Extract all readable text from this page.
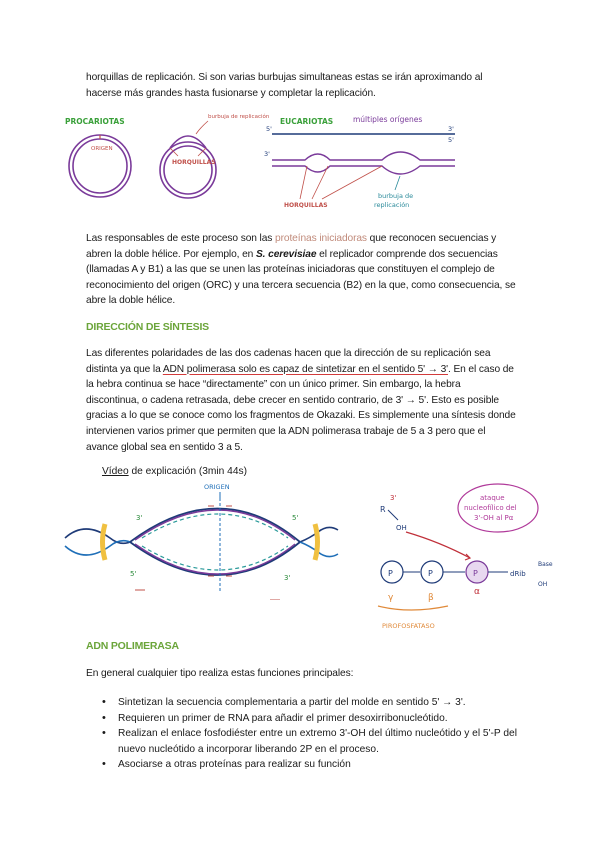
horquillas de replicación. Si son varias burbujas simultaneas estas se irán aproximando al hacerse más grandes hasta fusionarse y completar la replicación.
PROCARIOTAS
ORIGEN
burbuja de replicación
HORQUILLAS
EUCARIOTAS	múltiples orígenes
5'	3'
3'
5'
HORQUILLAS
burbuja de
replicación
Las responsables de este proceso son las proteínas iniciadoras que reconocen secuencias y abren la doble hélice. Por ejemplo, en S. cerevisiae el replicador comprende dos secuencias (llamadas A y B1) a las que se unen las proteínas iniciadoras que constituyen el complejo de reconocimiento del origen (ORC) y una tercera secuencia (B2) en la que, como consecuencia, se abre la doble hélice.
DIRECCIÓN DE SÍNTESIS
Las diferentes polaridades de las dos cadenas hacen que la dirección de su replicación sea distinta ya que la ADN polimerasa solo es capaz de sintetizar en el sentido 5' → 3'. En el caso de la hebra continua se hace “directamente” con un único primer. Sin embargo, la hebra discontinua, o cadena retrasada, debe crecer en sentido contrario, de 3' → 5'. Esto es posible gracias a lo que se conoce como los fragmentos de Okazaki. Es simplemente una síntesis donde intervienen varios primer que permiten que la ADN polimerasa trabaje de 5 a 3 pero que el avance global sea en sentido 3 a 5.
Vídeo de explicación (3min 44s)
ORIGEN
3'	5'
5'	3'
R
3'
OH
ataque
nucleofílico del
3'-OH al Pα
P	P	P	dRib
Base
OH
γ	β
α
PIROFOSFATASO
ADN POLIMERASA
En general cualquier tipo realiza estas funciones principales:
• Sintetizan la secuencia complementaria a partir del molde en sentido 5' → 3'.
• Requieren un primer de RNA para añadir el primer desoxirribonucleótido.
• Realizan el enlace fosfodiéster entre un extremo 3'-OH del último nucleótido y el 5'-P del nuevo nucleótido a incorporar liberando 2P en el proceso.
• Asociarse a otras proteínas para realizar su función
